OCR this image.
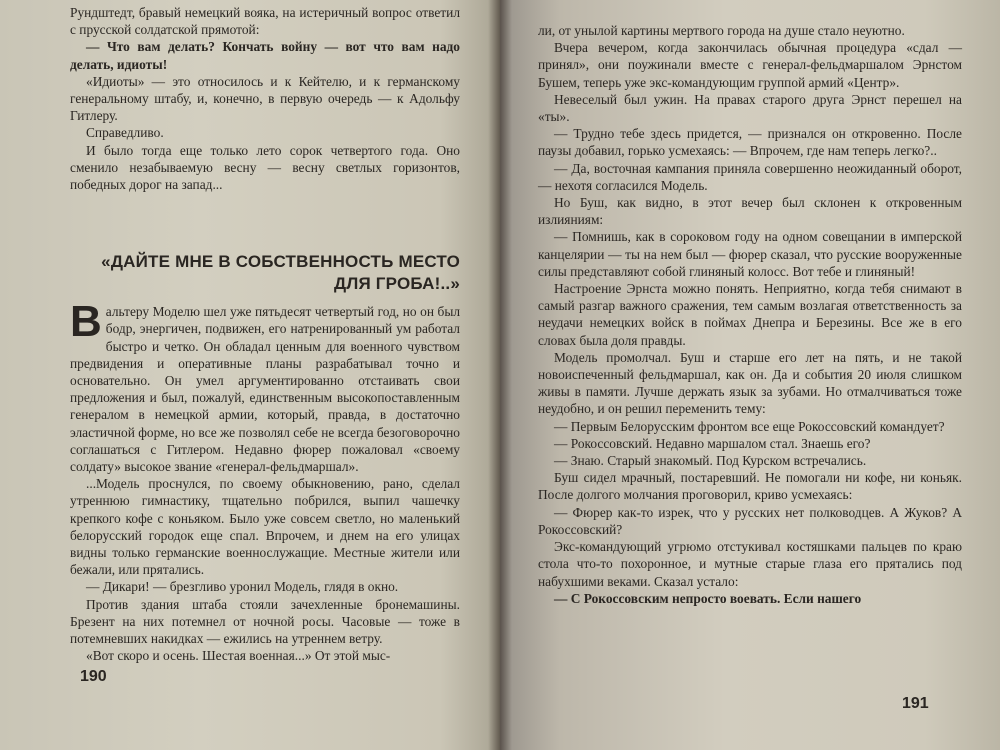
Рундштедт, бравый немецкий вояка, на истеричный вопрос ответил с прусской солдатской прямотой:

— Что вам делать? Кончать войну — вот что вам надо делать, идиоты!

«Идиоты» — это относилось и к Кейтелю, и к германскому генеральному штабу, и, конечно, в первую очередь — к Адольфу Гитлеру.

Справедливо.

И было тогда еще только лето сорок четвертого года. Оно сменило незабываемую весну — весну светлых горизонтов, победных дорог на запад...

«ДАЙТЕ МНЕ В СОБСТВЕННОСТЬ МЕСТО ДЛЯ ГРОБА!..»
В альтеру Моделю шел уже пятьдесят четвертый год, но он был бодр, энергичен, подвижен, его натренированный ум работал быстро и четко. Он обладал ценным для военного чувством предвидения и оперативные планы разрабатывал точно и основательно. Он умел аргументированно отстаивать свои предложения и был, пожалуй, единственным высокопоставленным генералом в немецкой армии, который, правда, в достаточно эластичной форме, но все же позволял себе не всегда безоговорочно соглашаться с Гитлером. Недавно фюрер пожаловал «своему солдату» высокое звание «генерал-фельдмаршал».

...Модель проснулся, по своему обыкновению, рано, сделал утреннюю гимнастику, тщательно побрился, выпил чашечку крепкого кофе с коньяком. Было уже совсем светло, но маленький белорусский городок еще спал. Впрочем, и днем на его улицах видны только германские военнослужащие. Местные жители или бежали, или прятались.

— Дикари! — брезгливо уронил Модель, глядя в окно.

Против здания штаба стояли зачехленные бронемашины. Брезент на них потемнел от ночной росы. Часовые — тоже в потемневших накидках — ежились на утреннем ветру.

«Вот скоро и осень. Шестая военная...» От этой мыс-

ли, от унылой картины мертвого города на душе стало неуютно.

Вчера вечером, когда закончилась обычная процедура «сдал — принял», они поужинали вместе с генерал-фельдмаршалом Эрнстом Бушем, теперь уже экс-командующим группой армий «Центр».

Невеселый был ужин. На правах старого друга Эрнст перешел на «ты».

— Трудно тебе здесь придется, — признался он откровенно. После паузы добавил, горько усмехаясь: — Впрочем, где нам теперь легко?..

— Да, восточная кампания приняла совершенно неожиданный оборот, — нехотя согласился Модель.

Но Буш, как видно, в этот вечер был склонен к откровенным излияниям:

— Помнишь, как в сороковом году на одном совещании в имперской канцелярии — ты на нем был — фюрер сказал, что русские вооруженные силы представляют собой глиняный колосс. Вот тебе и глиняный!

Настроение Эрнста можно понять. Неприятно, когда тебя снимают в самый разгар важного сражения, тем самым возлагая ответственность за неудачи немецких войск в поймах Днепра и Березины. Все же в его словах была доля правды.

Модель промолчал. Буш и старше его лет на пять, и не такой новоиспеченный фельдмаршал, как он. Да и события 20 июля слишком живы в памяти. Лучше держать язык за зубами. Но отмалчиваться тоже неудобно, и он решил переменить тему:

— Первым Белорусским фронтом все еще Рокоссовский командует?

— Рокоссовский. Недавно маршалом стал. Знаешь его?

— Знаю. Старый знакомый. Под Курском встречались.

Буш сидел мрачный, постаревший. Не помогали ни кофе, ни коньяк. После долгого молчания проговорил, криво усмехаясь:

— Фюрер как-то изрек, что у русских нет полководцев. А Жуков? А Рокоссовский?

Экс-командующий угрюмо отстукивал костяшками пальцев по краю стола что-то похоронное, и мутные старые глаза его прятались под набухшими веками. Сказал устало:

— С Рокоссовским непросто воевать. Если нашего

190
191
